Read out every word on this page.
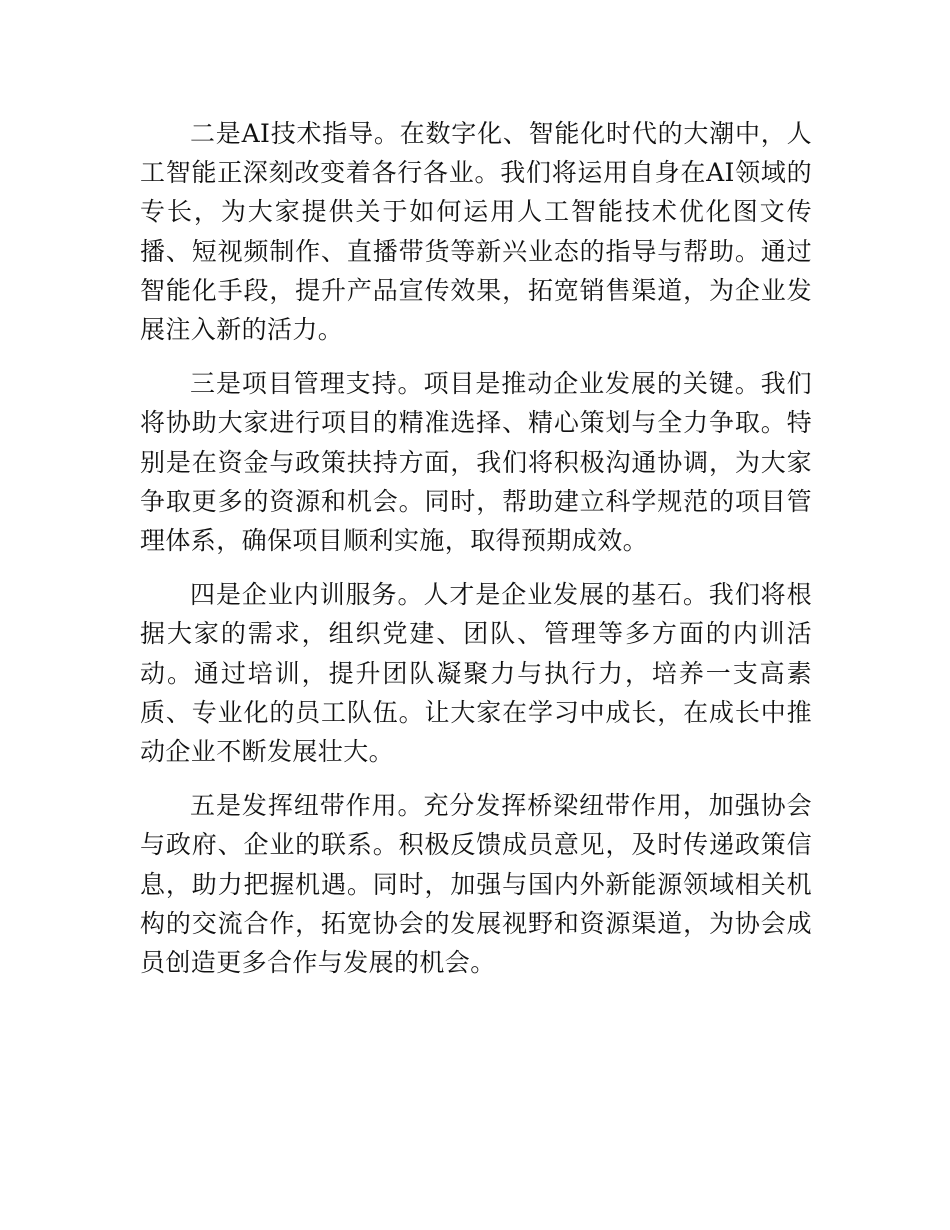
二是AI技术指导。在数字化、智能化时代的大潮中，人工智能正深刻改变着各行各业。我们将运用自身在AI领域的专长，为大家提供关于如何运用人工智能技术优化图文传播、短视频制作、直播带货等新兴业态的指导与帮助。通过智能化手段，提升产品宣传效果，拓宽销售渠道，为企业发展注入新的活力。

三是项目管理支持。项目是推动企业发展的关键。我们将协助大家进行项目的精准选择、精心策划与全力争取。特别是在资金与政策扶持方面，我们将积极沟通协调，为大家争取更多的资源和机会。同时，帮助建立科学规范的项目管理体系，确保项目顺利实施，取得预期成效。

四是企业内训服务。人才是企业发展的基石。我们将根据大家的需求，组织党建、团队、管理等多方面的内训活动。通过培训，提升团队凝聚力与执行力，培养一支高素质、专业化的员工队伍。让大家在学习中成长，在成长中推动企业不断发展壮大。

五是发挥纽带作用。充分发挥桥梁纽带作用，加强协会与政府、企业的联系。积极反馈成员意见，及时传递政策信息，助力把握机遇。同时，加强与国内外新能源领域相关机构的交流合作，拓宽协会的发展视野和资源渠道，为协会成员创造更多合作与发展的机会。
